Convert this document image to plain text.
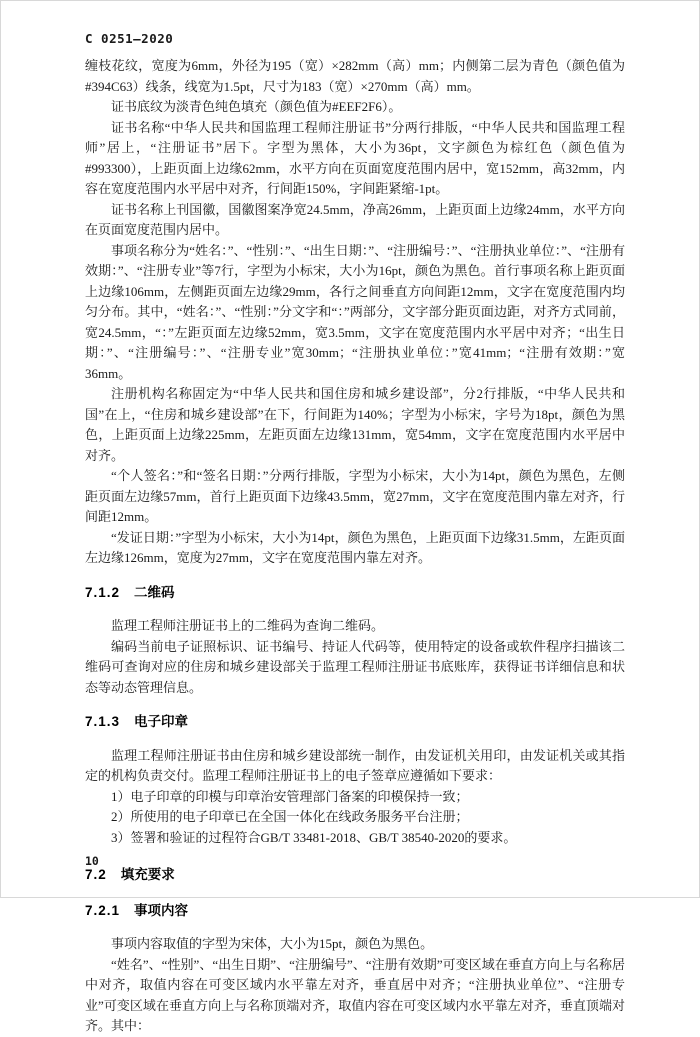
C 0251—2020

缠枝花纹，宽度为6mm，外径为195（宽）×282mm（高）mm；内侧第二层为青色（颜色值为#394C63）线条，线宽为1.5pt，尺寸为183（宽）×270mm（高）mm。

证书底纹为淡青色纯色填充（颜色值为#EEF2F6）。

证书名称“中华人民共和国监理工程师注册证书”分两行排版，“中华人民共和国监理工程师”居上，“注册证书”居下。字型为黑体，大小为36pt，文字颜色为棕红色（颜色值为#993300），上距页面上边缘62mm，水平方向在页面宽度范围内居中，宽152mm，高32mm，内容在宽度范围内水平居中对齐，行间距150%，字间距紧缩-1pt。

证书名称上刊国徽，国徽图案净宽24.5mm，净高26mm，上距页面上边缘24mm，水平方向在页面宽度范围内居中。

事项名称分为“姓名：”、“性别：”、“出生日期：”、“注册编号：”、“注册执业单位：”、“注册有效期：”、“注册专业”等7行，字型为小标宋，大小为16pt，颜色为黑色。首行事项名称上距页面上边缘106mm，左侧距页面左边缘29mm，各行之间垂直方向间距12mm，文字在宽度范围内均匀分布。其中，“姓名：”、“性别：”分文字和“：”两部分，文字部分距页面边距，对齐方式同前，宽24.5mm，“：”左距页面左边缘52mm，宽3.5mm，文字在宽度范围内水平居中对齐；“出生日期：”、“注册编号：”、“注册专业”宽30mm；“注册执业单位：”宽41mm；“注册有效期：”宽36mm。

注册机构名称固定为“中华人民共和国住房和城乡建设部”，分2行排版，“中华人民共和国”在上，“住房和城乡建设部”在下，行间距为140%；字型为小标宋，字号为18pt，颜色为黑色，上距页面上边缘225mm，左距页面左边缘131mm，宽54mm，文字在宽度范围内水平居中对齐。

“个人签名：”和“签名日期：”分两行排版，字型为小标宋，大小为14pt，颜色为黑色，左侧距页面左边缘57mm，首行上距页面下边缘43.5mm，宽27mm，文字在宽度范围内靠左对齐，行间距12mm。

“发证日期：”字型为小标宋，大小为14pt，颜色为黑色，上距页面下边缘31.5mm，左距页面左边缘126mm，宽度为27mm，文字在宽度范围内靠左对齐。

7.1.2 二维码

监理工程师注册证书上的二维码为查询二维码。

编码当前电子证照标识、证书编号、持证人代码等，使用特定的设备或软件程序扫描该二维码可查询对应的住房和城乡建设部关于监理工程师注册证书底账库，获得证书详细信息和状态等动态管理信息。

7.1.3 电子印章

监理工程师注册证书由住房和城乡建设部统一制作，由发证机关用印，由发证机关或其指定的机构负责交付。监理工程师注册证书上的电子签章应遵循如下要求：

1）电子印章的印模与印章治安管理部门备案的印模保持一致；

2）所使用的电子印章已在全国一体化在线政务服务平台注册；

3）签署和验证的过程符合GB/T 33481-2018、GB/T 38540-2020的要求。

7.2 填充要求
7.2.1 事项内容

事项内容取值的字型为宋体，大小为15pt，颜色为黑色。

“姓名”、“性别”、“出生日期”、“注册编号”、“注册有效期”可变区域在垂直方向上与名称居中对齐，取值内容在可变区域内水平靠左对齐，垂直居中对齐；“注册执业单位”、“注册专业”可变区域在垂直方向上与名称顶端对齐，取值内容在可变区域内水平靠左对齐，垂直顶端对齐。其中：

10
